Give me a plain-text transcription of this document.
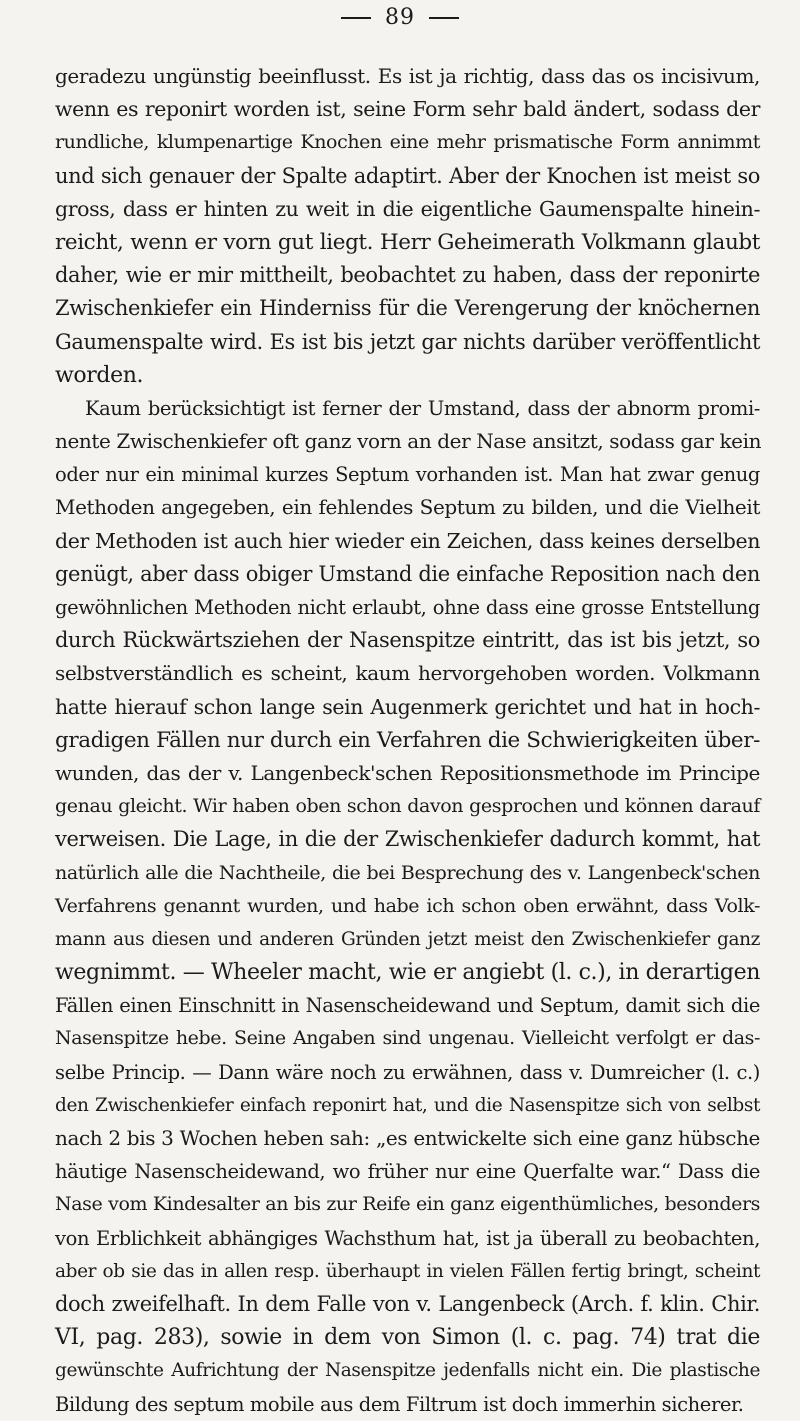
89
geradezu ungünstig beeinflusst. Es ist ja richtig, dass das os incisivum,
wenn es reponirt worden ist, seine Form sehr bald ändert, sodass der
rundliche, klumpenartige Knochen eine mehr prismatische Form annimmt
und sich genauer der Spalte adaptirt. Aber der Knochen ist meist so
gross, dass er hinten zu weit in die eigentliche Gaumenspalte hinein-
reicht, wenn er vorn gut liegt. Herr Geheimerath Volkmann glaubt
daher, wie er mir mittheilt, beobachtet zu haben, dass der reponirte
Zwischenkiefer ein Hinderniss für die Verengerung der knöchernen
Gaumenspalte wird. Es ist bis jetzt gar nichts darüber veröffentlicht
worden.
Kaum berücksichtigt ist ferner der Umstand, dass der abnorm promi-
nente Zwischenkiefer oft ganz vorn an der Nase ansitzt, sodass gar kein
oder nur ein minimal kurzes Septum vorhanden ist. Man hat zwar genug
Methoden angegeben, ein fehlendes Septum zu bilden, und die Vielheit
der Methoden ist auch hier wieder ein Zeichen, dass keines derselben
genügt, aber dass obiger Umstand die einfache Reposition nach den
gewöhnlichen Methoden nicht erlaubt, ohne dass eine grosse Entstellung
durch Rückwärtsziehen der Nasenspitze eintritt, das ist bis jetzt, so
selbstverständlich es scheint, kaum hervorgehoben worden. Volkmann
hatte hierauf schon lange sein Augenmerk gerichtet und hat in hoch-
gradigen Fällen nur durch ein Verfahren die Schwierigkeiten über-
wunden, das der v. Langenbeck'schen Repositionsmethode im Principe
genau gleicht. Wir haben oben schon davon gesprochen und können darauf
verweisen. Die Lage, in die der Zwischenkiefer dadurch kommt, hat
natürlich alle die Nachtheile, die bei Besprechung des v. Langenbeck'schen
Verfahrens genannt wurden, und habe ich schon oben erwähnt, dass Volk-
mann aus diesen und anderen Gründen jetzt meist den Zwischenkiefer ganz
wegnimmt. — Wheeler macht, wie er angiebt (l. c.), in derartigen
Fällen einen Einschnitt in Nasenscheidewand und Septum, damit sich die
Nasenspitze hebe. Seine Angaben sind ungenau. Vielleicht verfolgt er das-
selbe Princip. — Dann wäre noch zu erwähnen, dass v. Dumreicher (l. c.)
den Zwischenkiefer einfach reponirt hat, und die Nasenspitze sich von selbst
nach 2 bis 3 Wochen heben sah: „es entwickelte sich eine ganz hübsche
häutige Nasenscheidewand, wo früher nur eine Querfalte war.“ Dass die
Nase vom Kindesalter an bis zur Reife ein ganz eigenthümliches, besonders
von Erblichkeit abhängiges Wachsthum hat, ist ja überall zu beobachten,
aber ob sie das in allen resp. überhaupt in vielen Fällen fertig bringt, scheint
doch zweifelhaft. In dem Falle von v. Langenbeck (Arch. f. klin. Chir.
VI, pag. 283), sowie in dem von Simon (l. c. pag. 74) trat die
gewünschte Aufrichtung der Nasenspitze jedenfalls nicht ein. Die plastische
Bildung des septum mobile aus dem Filtrum ist doch immerhin sicherer.
